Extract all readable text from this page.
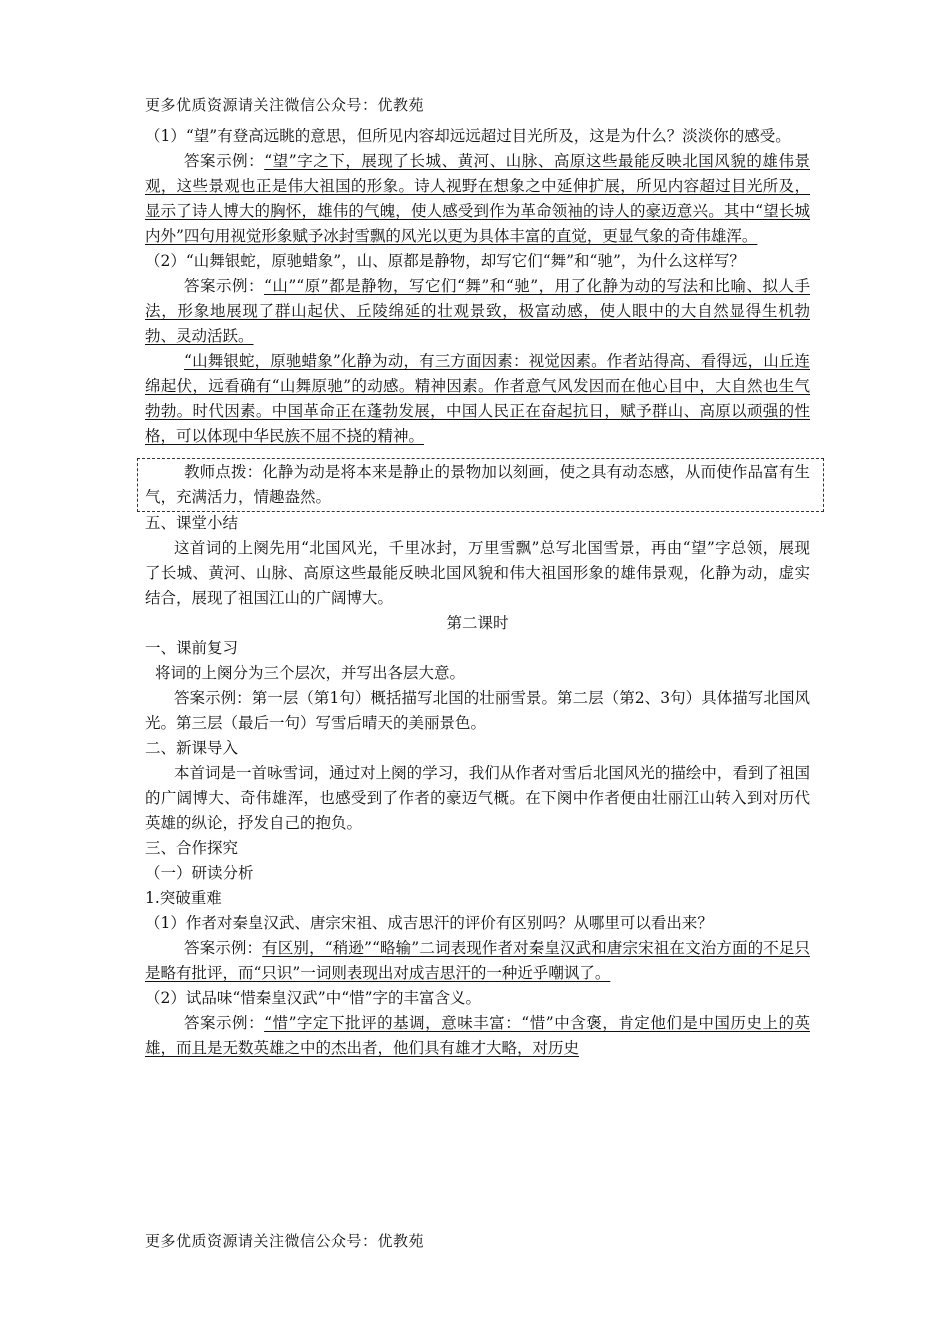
更多优质资源请关注微信公众号：优教苑

（1）“望”有登高远眺的意思，但所见内容却远远超过目光所及，这是为什么？淡淡你的感受。

答案示例：“望”字之下，展现了长城、黄河、山脉、高原这些最能反映北国风貌的雄伟景观，这些景观也正是伟大祖国的形象。诗人视野在想象之中延伸扩展，所见内容超过目光所及，显示了诗人博大的胸怀，雄伟的气魄，使人感受到作为革命领袖的诗人的豪迈意兴。其中“望长城内外”四句用视觉形象赋予冰封雪飘的风光以更为具体丰富的直觉，更显气象的奇伟雄浑。

（2）“山舞银蛇，原驰蜡象”，山、原都是静物，却写它们“舞”和“驰”，为什么这样写？

答案示例：“山”“原”都是静物，写它们“舞”和“驰”，用了化静为动的写法和比喻、拟人手法，形象地展现了群山起伏、丘陵绵延的壮观景致，极富动感，使人眼中的大自然显得生机勃勃、灵动活跃。

“山舞银蛇，原驰蜡象”化静为动，有三方面因素：视觉因素。作者站得高、看得远，山丘连绵起伏，远看确有“山舞原驰”的动感。精神因素。作者意气风发因而在他心目中，大自然也生气勃勃。时代因素。中国革命正在蓬勃发展，中国人民正在奋起抗日，赋予群山、高原以顽强的性格，可以体现中华民族不屈不挠的精神。

教师点拨：化静为动是将本来是静止的景物加以刻画，使之具有动态感，从而使作品富有生气，充满活力，情趣盎然。

五、课堂小结

这首词的上阕先用“北国风光，千里冰封，万里雪飘”总写北国雪景，再由“望”字总领，展现了长城、黄河、山脉、高原这些最能反映北国风貌和伟大祖国形象的雄伟景观，化静为动，虚实结合，展现了祖国江山的广阔博大。

第二课时

一、课前复习

将词的上阕分为三个层次，并写出各层大意。

答案示例：第一层（第1句）概括描写北国的壮丽雪景。第二层（第2、3句）具体描写北国风光。第三层（最后一句）写雪后晴天的美丽景色。

二、新课导入

本首词是一首咏雪词，通过对上阕的学习，我们从作者对雪后北国风光的描绘中，看到了祖国的广阔博大、奇伟雄浑，也感受到了作者的豪迈气概。在下阕中作者便由壮丽江山转入到对历代英雄的纵论，抒发自己的抱负。

三、合作探究

（一）研读分析

1.突破重难

（1）作者对秦皇汉武、唐宗宋祖、成吉思汗的评价有区别吗？从哪里可以看出来？

答案示例：有区别，“稍逊”“略输”二词表现作者对秦皇汉武和唐宗宋祖在文治方面的不足只是略有批评，而“只识”一词则表现出对成吉思汗的一种近乎嘲讽了。

（2）试品味“惜秦皇汉武”中“惜”字的丰富含义。

答案示例：“惜”字定下批评的基调，意味丰富：“惜”中含褒，肯定他们是中国历史上的英雄，而且是无数英雄之中的杰出者，他们具有雄才大略，对历史

更多优质资源请关注微信公众号：优教苑
